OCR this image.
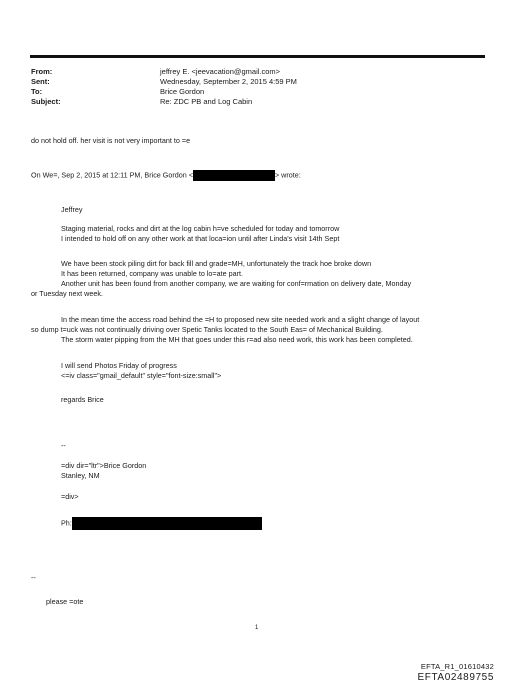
From:	jeffrey E. <jeevacation@gmail.com>
Sent:	Wednesday, September 2, 2015 4:59 PM
To:	Brice Gordon
Subject:	Re: ZDC PB and Log Cabin
do not hold off. her visit is not very important to =e
On We=, Sep 2, 2015 at 12:11 PM, Brice Gordon <	> wrote:
Jeffrey
Staging material, rocks and dirt at the log cabin h=ve scheduled for today and tomorrow
I intended to hold off on any other work at that loca=ion until after Linda's visit 14th Sept
We have been stock piling dirt for back fill and grade=MH, unfortunately the track hoe broke down
It has been returned, company was unable to lo=ate part.
Another unit has been found from another company, we are waiting for conf=rmation on delivery date, Monday
or Tuesday next week.
In the mean time the access road behind the =H to proposed new site needed work and a slight change of layout
so dump t=uck was not continually driving over Spetic Tanks located to the South Eas= of Mechanical Building.
The storm water pipping from the MH that goes under this r=ad also need work, this work has been completed.
I will send Photos Friday of progress
<=iv class="gmail_default" style="font-size:small">
regards Brice
--
=div dir="ltr">Brice Gordon
Stanley, NM
=div>
Ph:
--
please =ote
1
EFTA_R1_01610432
EFTA02489755
